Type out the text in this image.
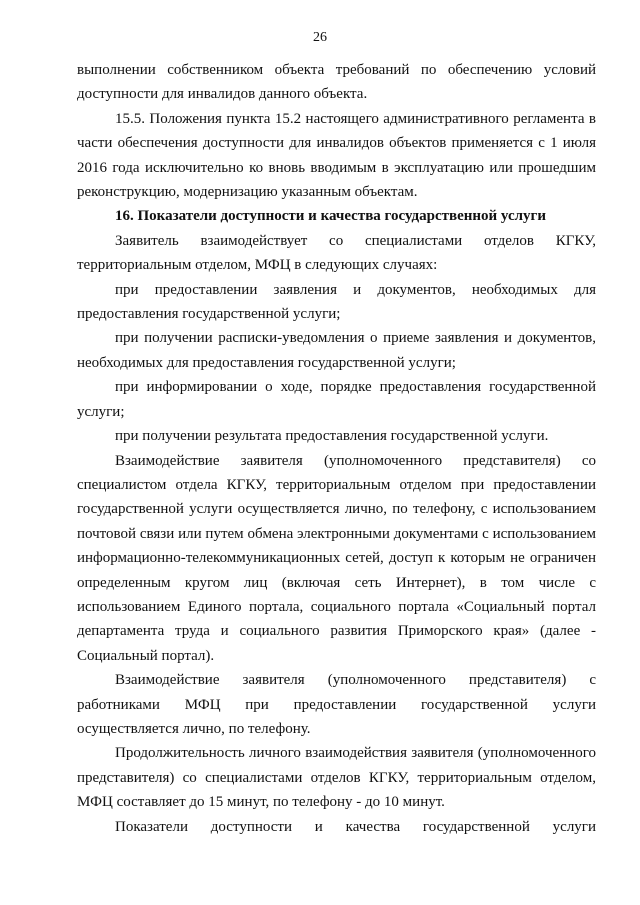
26

выполнении собственником объекта требований по обеспечению условий доступности для инвалидов данного объекта.

15.5. Положения пункта 15.2 настоящего административного регламента в части обеспечения доступности для инвалидов объектов применяется с 1 июля 2016 года исключительно ко вновь вводимым в эксплуатацию или прошедшим реконструкцию, модернизацию указанным объектам.

16. Показатели доступности и качества государственной услуги

Заявитель взаимодействует со специалистами отделов КГКУ, территориальным отделом, МФЦ в следующих случаях:

при предоставлении заявления и документов, необходимых для предоставления государственной услуги;

при получении расписки-уведомления о приеме заявления и документов, необходимых для предоставления государственной услуги;

при информировании о ходе, порядке предоставления государственной услуги;

при получении результата предоставления государственной услуги.

Взаимодействие заявителя (уполномоченного представителя) со специалистом отдела КГКУ, территориальным отделом при предоставлении государственной услуги осуществляется лично, по телефону, с использованием почтовой связи или путем обмена электронными документами с использованием информационно-телекоммуникационных сетей, доступ к которым не ограничен определенным кругом лиц (включая сеть Интернет), в том числе с использованием Единого портала, социального портала «Социальный портал департамента труда и социального развития Приморского края» (далее - Социальный портал).

Взаимодействие заявителя (уполномоченного представителя) с работниками МФЦ при предоставлении государственной услуги осуществляется лично, по телефону.

Продолжительность личного взаимодействия заявителя (уполномоченного представителя) со специалистами отделов КГКУ, территориальным отделом, МФЦ составляет до 15 минут, по телефону - до 10 минут.

Показатели доступности и качества государственной услуги
